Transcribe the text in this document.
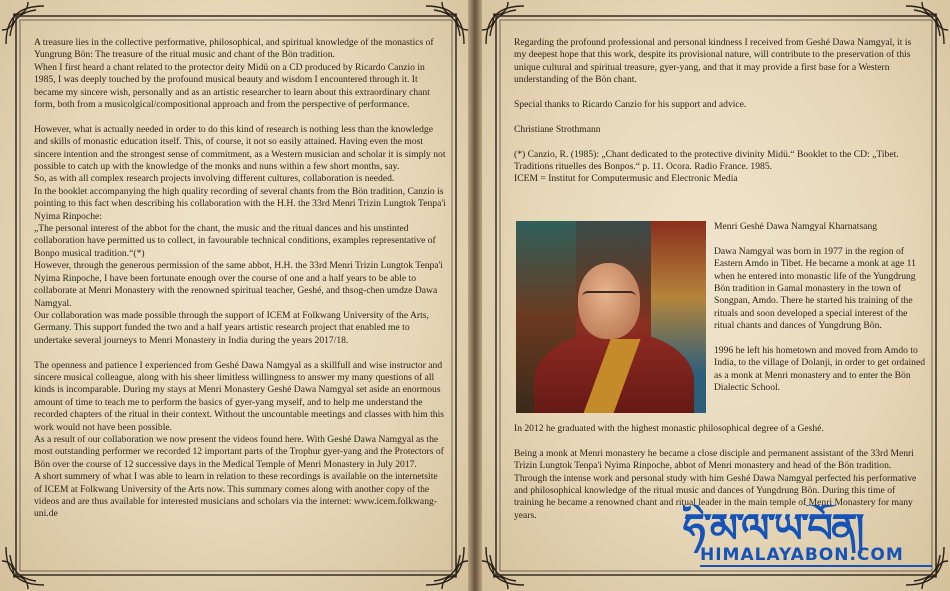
A treasure lies in the collective performative, philosophical, and spiritual knowledge of the monastics of Yungrung Bön: The treasure of the ritual music and chant of the Bön tradition.

When I first heard a chant related to the protector deity Midü on a CD produced by Ricardo Canzio in 1985, I was deeply touched by the profound musical beauty and wisdom I encountered through it. It became my sincere wish, personally and as an artistic researcher to learn about this extraordinary chant form, both from a musicolgical/compositional approach and from the perspective of performance.

However, what is actually needed in order to do this kind of research is nothing less than the knowledge and skills of monastic education itself. This, of course, it not so easily attained. Having even the most sincere intention and the strongest sense of commitment, as a Western musician and scholar it is simply not possible to catch up with the knowledge of the monks and nuns within a few short months, say.

So, as with all complex research projects involving different cultures, collaboration is needed.

In the booklet accompanying the high quality recording of several chants from the Bön tradition, Canzio is pointing to this fact when describing his collaboration with the H.H. the 33rd Menri Trizin Lungtok Tenpa'i Nyima Rinpoche:

„The personal interest of the abbot for the chant, the music and the ritual dances and his unstinted collaboration have permitted us to collect, in favourable technical conditions, examples representative of Bonpo musical tradition.“(*)

However, through the generous permission of the same abbot, H.H. the 33rd Menri Trizin Lungtok Tenpa'i Nyima Rinpoche, I have been fortunate enough over the course of one and a half years to be able to collaborate at Menri Monastery with the renowned spiritual teacher, Geshé, and thsog-chen umdze Dawa Namgyal.

Our collaboration was made possible through the support of ICEM at Folkwang University of the Arts, Germany. This support funded the two and a half years artistic research project that enabled me to undertake several journeys to Menri Monastery in India during the years 2017/18.

The openness and patience I experienced from Geshé Dawa Namgyal as a skillfull and wise instructor and sincere musical colleague, along with his sheer limitless willingness to answer my many questions of all kinds is incomparable. During my stays at Menri Monastery Geshé Dawa Namgyal set aside an enormous amount of time to teach me to perform the basics of gyer-yang myself, and to help me understand the recorded chapters of the ritual in their context. Without the uncountable meetings and classes with him this work would not have been possible.

As a result of our collaboration we now present the videos found here. With Geshé Dawa Namgyal as the most outstanding performer we recorded 12 important parts of the Trophur gyer-yang and the Protectors of Bön over the course of 12 successive days in the Medical Temple of Menri Monastery in July 2017.

A short summery of what I was able to learn in relation to these recordings is available on the internetsite of ICEM at Folkwang University of the Arts now. This summary comes along with another copy of the videos and are thus available for interested musicians and scholars via the internet: www.icem.folkwang-uni.de

Regarding the profound professional and personal kindness I received from Geshé Dawa Namgyal, it is my deepest hope that this work, despite its provisional nature, will contribute to the preservation of this unique cultural and spiritual treasure, gyer-yang, and that it may provide a first base for a Western understanding of the Bön chant.

Special thanks to Ricardo Canzio for his support and advice.

Christiane Strothmann

(*) Canzio, R. (1985): „Chant dedicated to the protective divinity Midü.“ Booklet to the CD: „Tibet. Traditions rituelles des Bonpos.“ p. 11. Ocora. Radio France. 1985.

ICEM = Institut for Computermusic and Electronic Media

Menri Geshé Dawa Namgyal Kharnatsang

Dawa Namgyal was born in 1977 in the region of Eastern Amdo in Tibet. He became a monk at age 11 when he entered into monastic life of the Yungdrung Bön tradition in Gamal monastery in the town of Songpan, Amdo. There he started his training of the rituals and soon developed a special interest of the ritual chants and dances of Yungdrung Bön.

1996 he left his hometown and moved from Amdo to India, to the village of Dolanji, in order to get ordained as a monk at Menri monastery and to enter the Bön Dialectic School.

In 2012 he graduated with the highest monastic philosophical degree of a Geshé.

Being a monk at Menri monastery he became a close disciple and permanent assistant of the 33rd Menri Trizin Lungtok Tenpa'i Nyima Rinpoche, abbot of Menri monastery and head of the Bön tradition. Through the intense work and personal study with him Geshé Dawa Namgyal perfected his performative and philosophical knowledge of the ritual music and dances of Yungdrung Bön. During this time of training he became a renowned chant and ritual leader in the main temple of Menri Monastery for many years.	ཧི་མ་ལ་ཡ་བོན།
HIMALAYABON.COM
